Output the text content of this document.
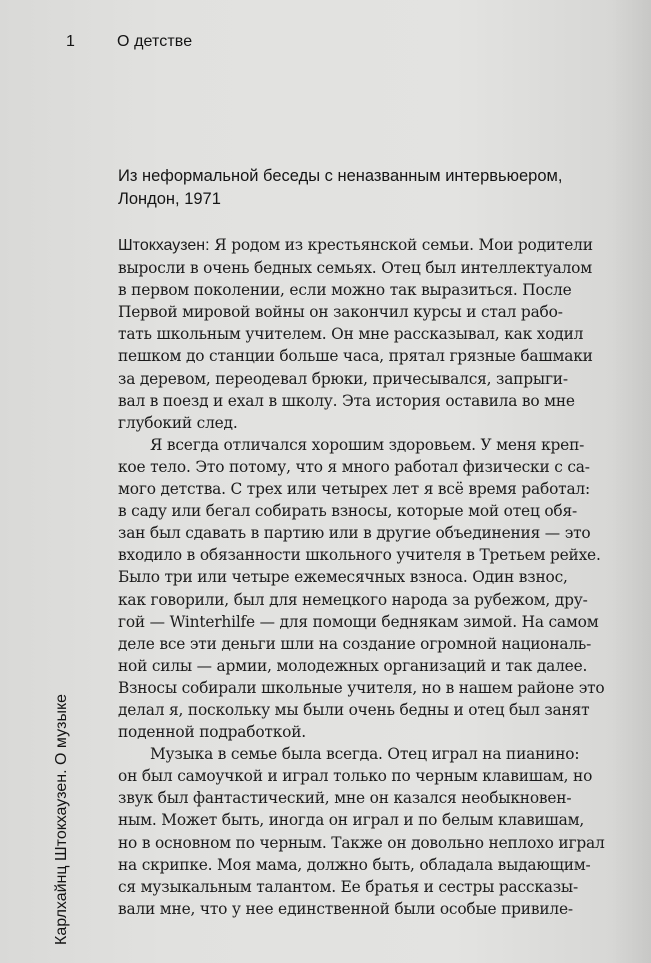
1	О детстве
Из неформальной беседы с неназванным интервьюером,
Лондон, 1971
Штокхаузен: Я родом из крестьянской семьи. Мои родители
выросли в очень бедных семьях. Отец был интеллектуалом
в первом поколении, если можно так выразиться. После
Первой мировой войны он закончил курсы и стал рабо-
тать школьным учителем. Он мне рассказывал, как ходил
пешком до станции больше часа, прятал грязные башмаки
за деревом, переодевал брюки, причесывался, запрыги-
вал в поезд и ехал в школу. Эта история оставила во мне
глубокий след.
Я всегда отличался хорошим здоровьем. У меня креп-
кое тело. Это потому, что я много работал физически с са-
мого детства. С трех или четырех лет я всё время работал:
в саду или бегал собирать взносы, которые мой отец обя-
зан был сдавать в партию или в другие объединения — это
входило в обязанности школьного учителя в Третьем рейхе.
Было три или четыре ежемесячных взноса. Один взнос,
как говорили, был для немецкого народа за рубежом, дру-
гой — Winterhilfe — для помощи беднякам зимой. На самом
деле все эти деньги шли на создание огромной националь-
ной силы — армии, молодежных организаций и так далее.
Взносы собирали школьные учителя, но в нашем районе это
делал я, поскольку мы были очень бедны и отец был занят
поденной подработкой.
Музыка в семье была всегда. Отец играл на пианино:
он был самоучкой и играл только по черным клавишам, но
звук был фантастический, мне он казался необыкновен-
ным. Может быть, иногда он играл и по белым клавишам,
но в основном по черным. Также он довольно неплохо играл
на скрипке. Моя мама, должно быть, обладала выдающим-
ся музыкальным талантом. Ее братья и сестры рассказы-
вали мне, что у нее единственной были особые привиле-
Карлхайнц Штокхаузен. О музыке
